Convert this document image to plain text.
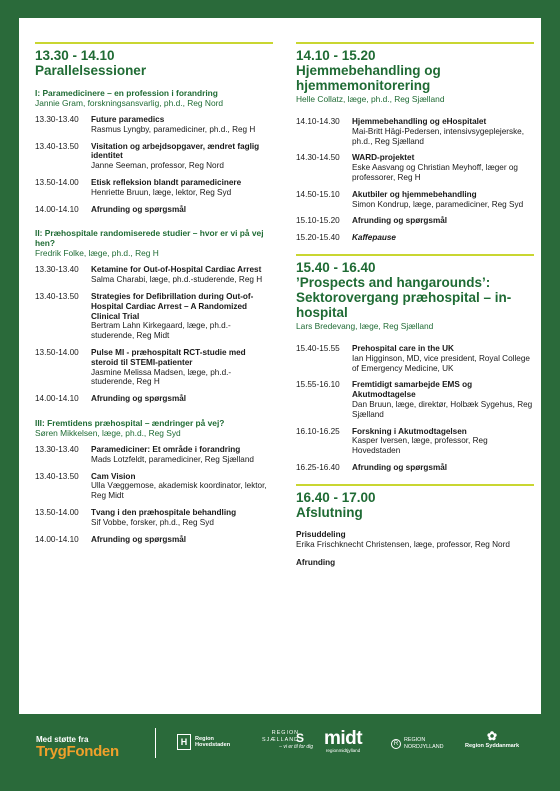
13.30 - 14.10
Parallelsessioner
I: Paramedicinere – en profession i forandring
Jannie Gram, forskningsansvarlig, ph.d., Reg Nord
13.30-13.40	Future paramedics
Rasmus Lyngby, paramediciner, ph.d., Reg H
13.40-13.50	Visitation og arbejdsopgaver, ændret faglig identitet
Janne Seeman, professor, Reg Nord
13.50-14.00	Etisk refleksion blandt paramedicinere
Henriette Bruun, læge, lektor, Reg Syd
14.00-14.10	Afrunding og spørgsmål
II: Præhospitale randomiserede studier – hvor er vi på vej hen?
Fredrik Folke, læge, ph.d., Reg H
13.30-13.40	Ketamine for Out-of-Hospital Cardiac Arrest
Salma Charabi, læge, ph.d.-studerende, Reg H
13.40-13.50	Strategies for Defibrillation during Out-of-Hospital Cardiac Arrest – A Randomized Clinical Trial
Bertram Lahn Kirkegaard, læge, ph.d.-studerende, Reg Midt
13.50-14.00	Pulse MI - præhospitalt RCT-studie med steroid til STEMI-patienter
Jasmine Melissa Madsen, læge, ph.d.-studerende, Reg H
14.00-14.10	Afrunding og spørgsmål
III: Fremtidens præhospital – ændringer på vej?
Søren Mikkelsen, læge, ph.d., Reg Syd
13.30-13.40	Paramediciner: Et område i forandring
Mads Lotzfeldt, paramediciner, Reg Sjælland
13.40-13.50	Cam Vision
Ulla Væggemose, akademisk koordinator, lektor, Reg Midt
13.50-14.00	Tvang i den præhospitale behandling
Sif Vobbe, forsker, ph.d., Reg Syd
14.00-14.10	Afrunding og spørgsmål
14.10 - 15.20
Hjemmebehandling og hjemmemonitorering
Helle Collatz, læge, ph.d., Reg Sjælland
14.10-14.30	Hjemmebehandling og eHospitalet
Mai-Britt Hägi-Pedersen, intensivsygeplejerske, ph.d., Reg Sjælland
14.30-14.50	WARD-projektet
Eske Aasvang og Christian Meyhoff, læger og professorer, Reg H
14.50-15.10	Akutbiler og hjemmebehandling
Simon Kondrup, læge, paramediciner, Reg Syd
15.10-15.20	Afrunding og spørgsmål
15.20-15.40	Kaffepause
15.40 - 16.40
’Prospects and hangarounds’: Sektorovergang præhospital – in-hospital
Lars Bredevang, læge, Reg Sjælland
15.40-15.55	Prehospital care in the UK
Ian Higginson, MD, vice president, Royal College of Emergency Medicine, UK
15.55-16.10	Fremtidigt samarbejde EMS og Akutmodtagelse
Dan Bruun, læge, direktør, Holbæk Sygehus, Reg Sjælland
16.10-16.25	Forskning i Akutmodtagelsen
Kasper Iversen, læge, professor, Reg Hovedstaden
16.25-16.40	Afrunding og spørgsmål
16.40 - 17.00
Afslutning
Prisuddeling
Erika Frischknecht Christensen, læge, professor, Reg Nord
Afrunding
Med støtte fra
TrygFonden
H	Region
Hovedstaden
REGION
SJÆLLAND
S
– vi er til for dig midt
regionmidtjylland
R
REGION
NORDJYLLAND
✿
Region Syddanmark
